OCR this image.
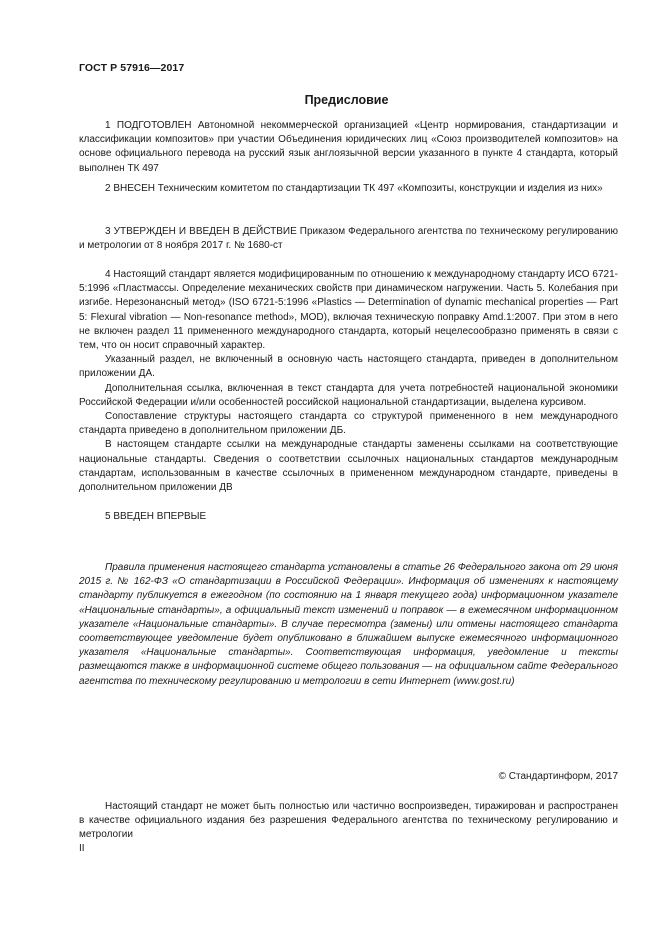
ГОСТ Р 57916—2017
Предисловие

1 ПОДГОТОВЛЕН Автономной некоммерческой организацией «Центр нормирования, стандартизации и классификации композитов» при участии Объединения юридических лиц «Союз производителей композитов» на основе официального перевода на русский язык англоязычной версии указанного в пункте 4 стандарта, который выполнен ТК 497

2 ВНЕСЕН Техническим комитетом по стандартизации ТК 497 «Композиты, конструкции и изделия из них»

3 УТВЕРЖДЕН И ВВЕДЕН В ДЕЙСТВИЕ Приказом Федерального агентства по техническому регулированию и метрологии от 8 ноября 2017 г. № 1680-ст

4 Настоящий стандарт является модифицированным по отношению к международному стандарту ИСО 6721-5:1996 «Пластмассы. Определение механических свойств при динамическом нагружении. Часть 5. Колебания при изгибе. Нерезонансный метод» (ISO 6721-5:1996 «Plastics — Determination of dynamic mechanical properties — Part 5: Flexural vibration — Non-resonance method», MOD), включая техническую поправку Amd.1:2007. При этом в него не включен раздел 11 примененного международного стандарта, который нецелесообразно применять в связи с тем, что он носит справочный характер.

Указанный раздел, не включенный в основную часть настоящего стандарта, приведен в дополнительном приложении ДА.

Дополнительная ссылка, включенная в текст стандарта для учета потребностей национальной экономики Российской Федерации и/или особенностей российской национальной стандартизации, выделена курсивом.

Сопоставление структуры настоящего стандарта со структурой примененного в нем международного стандарта приведено в дополнительном приложении ДБ.

В настоящем стандарте ссылки на международные стандарты заменены ссылками на соответствующие национальные стандарты. Сведения о соответствии ссылочных национальных стандартов международным стандартам, использованным в качестве ссылочных в примененном международном стандарте, приведены в дополнительном приложении ДВ

5 ВВЕДЕН ВПЕРВЫЕ

Правила применения настоящего стандарта установлены в статье 26 Федерального закона от 29 июня 2015 г. № 162-ФЗ «О стандартизации в Российской Федерации». Информация об изменениях к настоящему стандарту публикуется в ежегодном (по состоянию на 1 января текущего года) информационном указателе «Национальные стандарты», а официальный текст изменений и поправок — в ежемесячном информационном указателе «Национальные стандарты». В случае пересмотра (замены) или отмены настоящего стандарта соответствующее уведомление будет опубликовано в ближайшем выпуске ежемесячного информационного указателя «Национальные стандарты». Соответствующая информация, уведомление и тексты размещаются также в информационной системе общего пользования — на официальном сайте Федерального агентства по техническому регулированию и метрологии в сети Интернет (www.gost.ru)

© Стандартинформ, 2017

Настоящий стандарт не может быть полностью или частично воспроизведен, тиражирован и распространен в качестве официального издания без разрешения Федерального агентства по техническому регулированию и метрологии

II
